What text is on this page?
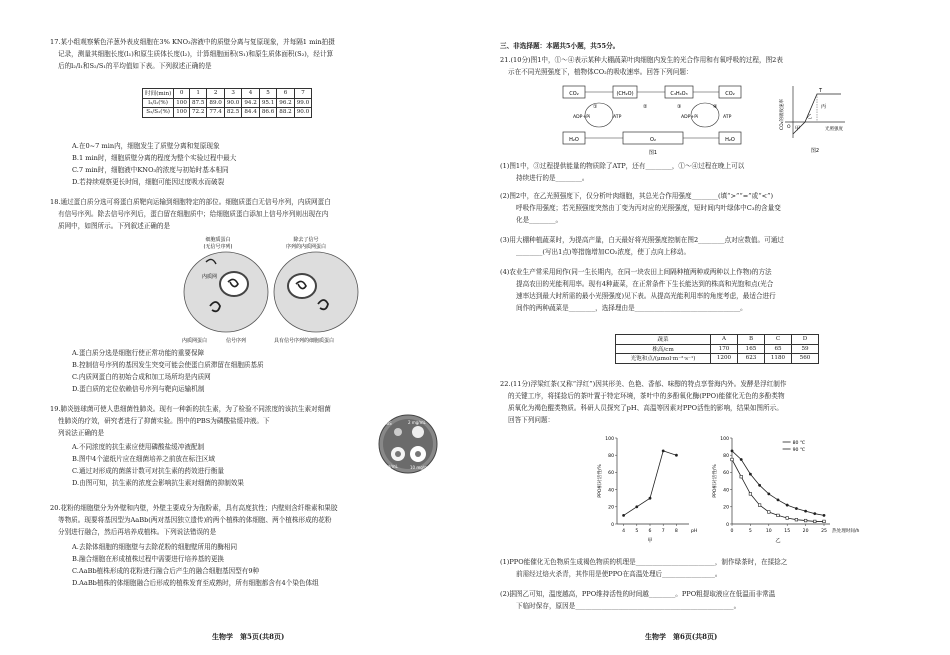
17.某小组观察紫色洋葱外表皮细胞在3% KNO₃溶液中的质壁分离与复原现象，并每隔1 min拍摄
记录，测量其细胞长度(l₁)和原生质体长度(l₂)，计算细胞面积(S₁)和原生质体面积(S₂)，经计算
后的l₂/l₁和S₂/S₁的平均值如下表。下列叙述正确的是
时间(min)	0	1	2	3	4	5	6	7
l₂/l₁(%)	100	87.5	89.0	90.0	94.2	95.1	96.2	99.0
S₂/S₁(%)	100	72.2	77.4	82.5	84.4	86.6	88.2	90.0
A.在0~7 min内，细胞发生了质壁分离和复原现象
B.1 min时，细胞质壁分离的程度为整个实验过程中最大
C.7 min时，细胞液中KNO₃的浓度与初始时基本相同
D.若持续观察更长时间，细胞可能因过度吸水而破裂
18.通过蛋白质分选可将蛋白质靶向运输到细胞特定的部位。细胞质蛋白无信号序列，内质网蛋白
有信号序列。除去信号序列后，蛋白留在细胞质中；给细胞质蛋白添加上信号序列则出现在内
质网中，如图所示。下列叙述正确的是
细胞质蛋白
(无信号序列)
除去了信号
序列的内质网蛋白
内质网
内质网蛋白	信号序列	具有信号序列的细胞质蛋白
A.蛋白质分选是细胞行使正常功能的重要保障
B.控制信号序列的基因发生突变可能会使蛋白质滞留在细胞质基质
C.内质网蛋白的初始合成和加工场所均是内质网
D.蛋白质的定位依赖信号序列与靶向运输机制
19.肺炎链球菌可使人患细菌性肺炎。现有一种新的抗生素，为了检验不同浓度的该抗生素对细菌
性肺炎的疗效，研究者进行了抑菌实验。图中的PBS为磷酸盐缓冲液。下
列说法正确的是
PBS	2 mg/mL
5 mg/mL	10 mg/mL
A.不同浓度的抗生素应使用磷酸盐缓冲液配制
B.图中4个滤纸片应在细菌培养之前放在标注区域
C.通过对形成的菌落计数可对抗生素的药效进行衡量
D.由图可知，抗生素的浓度会影响抗生素对细菌的抑制效果
20.花粉的细胞壁分为外壁和内壁，外壁主要成分为孢粉素，具有高度抗性；内壁则含纤维素和果胶
等物质。现要将基因型为AaBb(两对基因独立遗传)的两个植株的体细胞、两个植株形成的花粉
分别进行融合，然后再培养成植株。下列说法错误的是
A.去除体细胞的细胞壁与去除花粉的细胞壁所用的酶相同
B.融合细胞在形成植株过程中需要进行培养基的更换
C.AaBb植株形成的花粉进行融合后产生的融合细胞基因型有9种
D.AaBb植株的体细胞融合后形成的植株发育至成熟时，所有细胞都含有4个染色体组
生物学　第5页(共8页)
三、非选择题：本题共5小题，共55分。
21.(10分)图1中，①～④表示某种大棚蔬菜叶肉细胞内发生的光合作用和有氧呼吸的过程，图2表
示在不同光照强度下，植物体CO₂的吸收速率。回答下列问题：
CO₂	(CH₂O)	C₃H₄O₃	CO₂
H₂O	O₂	H₂O
①	②	③	④
ADP+Pi	ATP	ADP+Pi	ATP
图1
T
丙
乙
甲
O	光照强度
CO₂的吸收速率
图2
(1)图1中，③过程提供能量的物质除了ATP，还有________，①～④过程在晚上可以
持续进行的是________。
(2)图2中，在乙光照强度下，仅分析叶肉细胞，其总光合作用强度________(填“>”“=”或“<”)
呼吸作用强度；若光照强度突然由丁变为丙对应的光照强度，短时间内叶绿体中C₃的含量变
化是________。
(3)用大棚种植蔬菜时，为提高产量，白天最好将光照强度控制在图2________点对应数值。可通过
________(写出1点)等措施增加CO₂浓度，使丁点向上移动。
(4)农业生产常采用间作(同一生长期内，在同一块农田上间隔种植两种或两种以上作物)的方法
提高农田的光能利用率。现有4种蔬菜，在正常条件下生长能达到的株高和光饱和点(光合
速率达到最大时所需的最小光照强度)见下表。从提高光能利用率的角度考虑，最适合进行
间作的两种蔬菜是________，选择理由是________________________________。
蔬菜	A	B	C	D
株高/cm	170	165	65	59
光饱和点/(μmol·m⁻²·s⁻¹)	1200	623	1180	560
22.(11分)浮梁红茶(又称“浮红”)因其形美、色艳、香郁、味醇的特点享誉海内外。发酵是浮红制作
的关键工序，将揉捻后的茶叶置于特定环境，茶叶中的多酚氧化酶(PPO)能催化无色的多酚类物
质氧化为褐色醌类物质。科研人员探究了pH、高温等因素对PPO活性的影响，结果如图所示。
回答下列问题：
0
20
40
60
80
100
4 5 6 7 8	pH
PPO相对活性/%
甲
0
20
40
60
80
100
0	5	10	15	20	25 热处理时间/h
PPO相对活性/%
乙
80 ℃
90 ℃
(1)PPO能催化无色物质生成褐色物质的机理是________________________，制作绿茶时，在揉捻之
前需经过焙火杀青，其作用是使PPO在高温处理后________________。
(2)据图乙可知，温度越高，PPO维持活性的时间越________。PPO粗提取液应在低温而非常温
下临时保存，原因是________________________________________________。
生物学　第6页(共8页)
